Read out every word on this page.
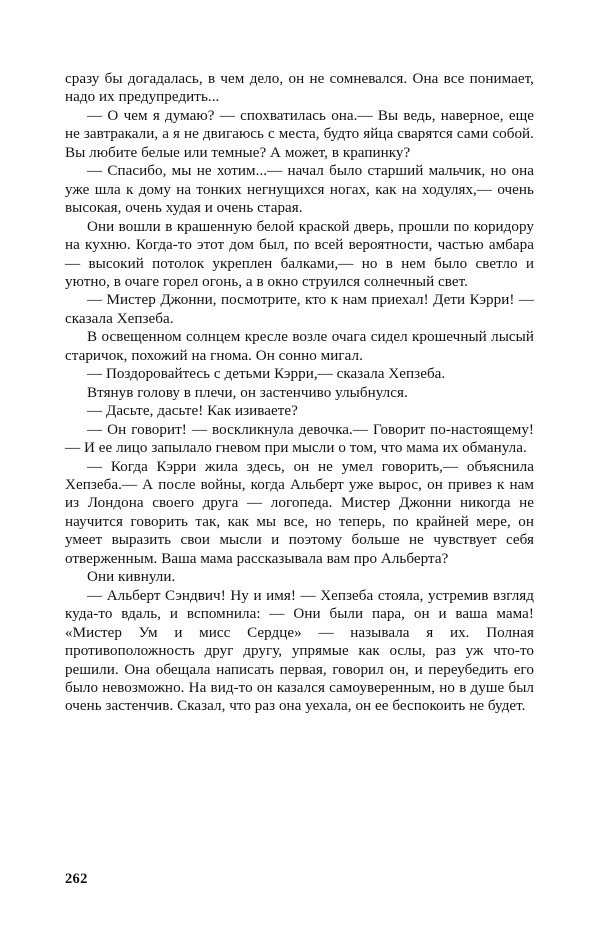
сразу бы догадалась, в чем дело, он не сомневался. Она все понимает, надо их предупредить...

— О чем я думаю? — спохватилась она.— Вы ведь, наверное, еще не завтракали, а я не двигаюсь с места, будто яйца сварятся сами собой. Вы любите белые или темные? А может, в крапинку?

— Спасибо, мы не хотим...— начал было старший мальчик, но она уже шла к дому на тонких негнущихся ногах, как на ходулях,— очень высокая, очень худая и очень старая.

Они вошли в крашенную белой краской дверь, прошли по коридору на кухню. Когда-то этот дом был, по всей вероятности, частью амбара — высокий потолок укреплен балками,— но в нем было светло и уютно, в очаге горел огонь, а в окно струился солнечный свет.

— Мистер Джонни, посмотрите, кто к нам приехал! Дети Кэрри! — сказала Хепзеба.

В освещенном солнцем кресле возле очага сидел крошечный лысый старичок, похожий на гнома. Он сонно мигал.

— Поздоровайтесь с детьми Кэрри,— сказала Хепзеба.

Втянув голову в плечи, он застенчиво улыбнулся.

— Дасьте, дасьте! Как изиваете?

— Он говорит! — воскликнула девочка.— Говорит по-настоящему! — И ее лицо запылало гневом при мысли о том, что мама их обманула.

— Когда Кэрри жила здесь, он не умел говорить,— объяснила Хепзеба.— А после войны, когда Альберт уже вырос, он привез к нам из Лондона своего друга — логопеда. Мистер Джонни никогда не научится говорить так, как мы все, но теперь, по крайней мере, он умеет выразить свои мысли и поэтому больше не чувствует себя отверженным. Ваша мама рассказывала вам про Альберта?

Они кивнули.

— Альберт Сэндвич! Ну и имя! — Хепзеба стояла, устремив взгляд куда-то вдаль, и вспомнила: — Они были пара, он и ваша мама! «Мистер Ум и мисс Сердце» — называла я их. Полная противоположность друг другу, упрямые как ослы, раз уж что-то решили. Она обещала написать первая, говорил он, и переубедить его было невозможно. На вид-то он казался самоуверенным, но в душе был очень застенчив. Сказал, что раз она уехала, он ее беспокоить не будет.

262
